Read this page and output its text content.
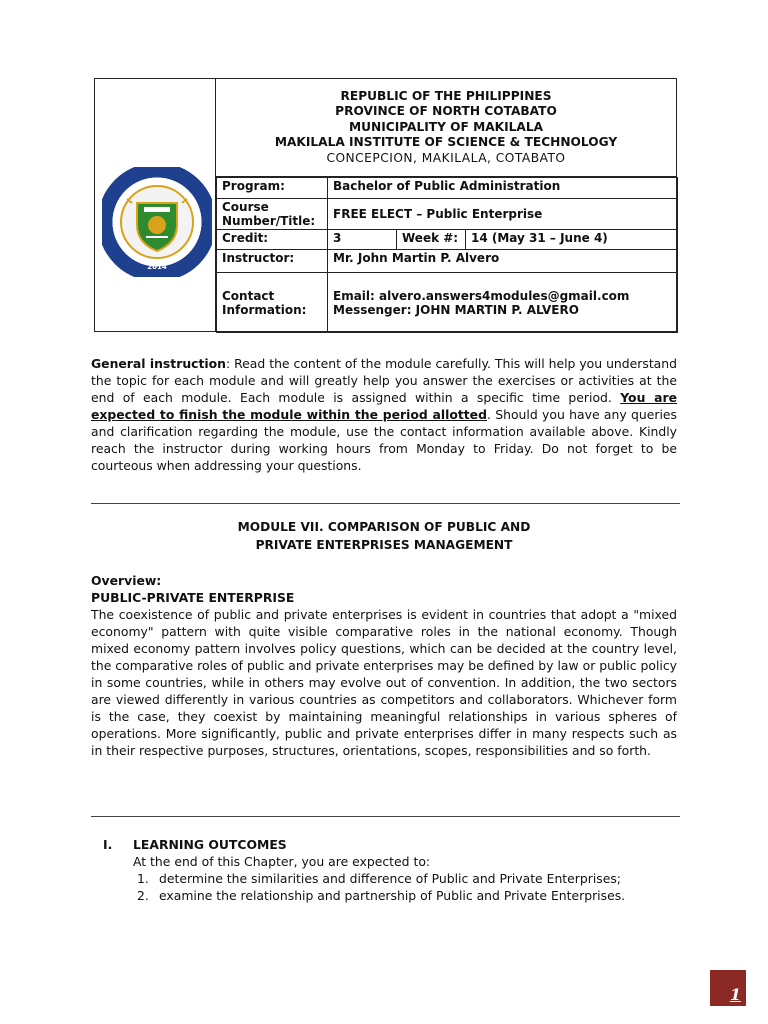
2014
REPUBLIC OF THE PHILIPPINES
PROVINCE OF NORTH COTABATO
MUNICIPALITY OF MAKILALA
MAKILALA INSTITUTE OF SCIENCE & TECHNOLOGY
CONCEPCION, MAKILALA, COTABATO
Program:	Bachelor of Public Administration		
Course Number/Title:	FREE ELECT – Public Enterprise		
Credit:	3	Week #:	14 (May 31 – June 4)
Instructor:	Mr. John Martin P. Alvero		
Contact Information:	Email: alvero.answers4modules@gmail.com
Messenger: JOHN MARTIN P. ALVERO		
General instruction: Read the content of the module carefully. This will help you understand the topic for each module and will greatly help you answer the exercises or activities at the end of each module. Each module is assigned within a specific time period. You are expected to finish the module within the period allotted. Should you have any queries and clarification regarding the module, use the contact information available above. Kindly reach the instructor during working hours from Monday to Friday. Do not forget to be courteous when addressing your questions.
MODULE VII. COMPARISON OF PUBLIC AND
PRIVATE ENTERPRISES MANAGEMENT
Overview:
PUBLIC-PRIVATE ENTERPRISE
The coexistence of public and private enterprises is evident in countries that adopt a "mixed economy" pattern with quite visible comparative roles in the national economy. Though mixed economy pattern involves policy questions, which can be decided at the country level, the comparative roles of public and private enterprises may be defined by law or public policy in some countries, while in others may evolve out of convention. In addition, the two sectors are viewed differently in various countries as competitors and collaborators. Whichever form is the case, they coexist by maintaining meaningful relationships in various spheres of operations. More significantly, public and private enterprises differ in many respects such as in their respective purposes, structures, orientations, scopes, responsibilities and so forth.
I. LEARNING OUTCOMES
At the end of this Chapter, you are expected to:
1. determine the similarities and difference of Public and Private Enterprises;
2. examine the relationship and partnership of Public and Private Enterprises.
1
